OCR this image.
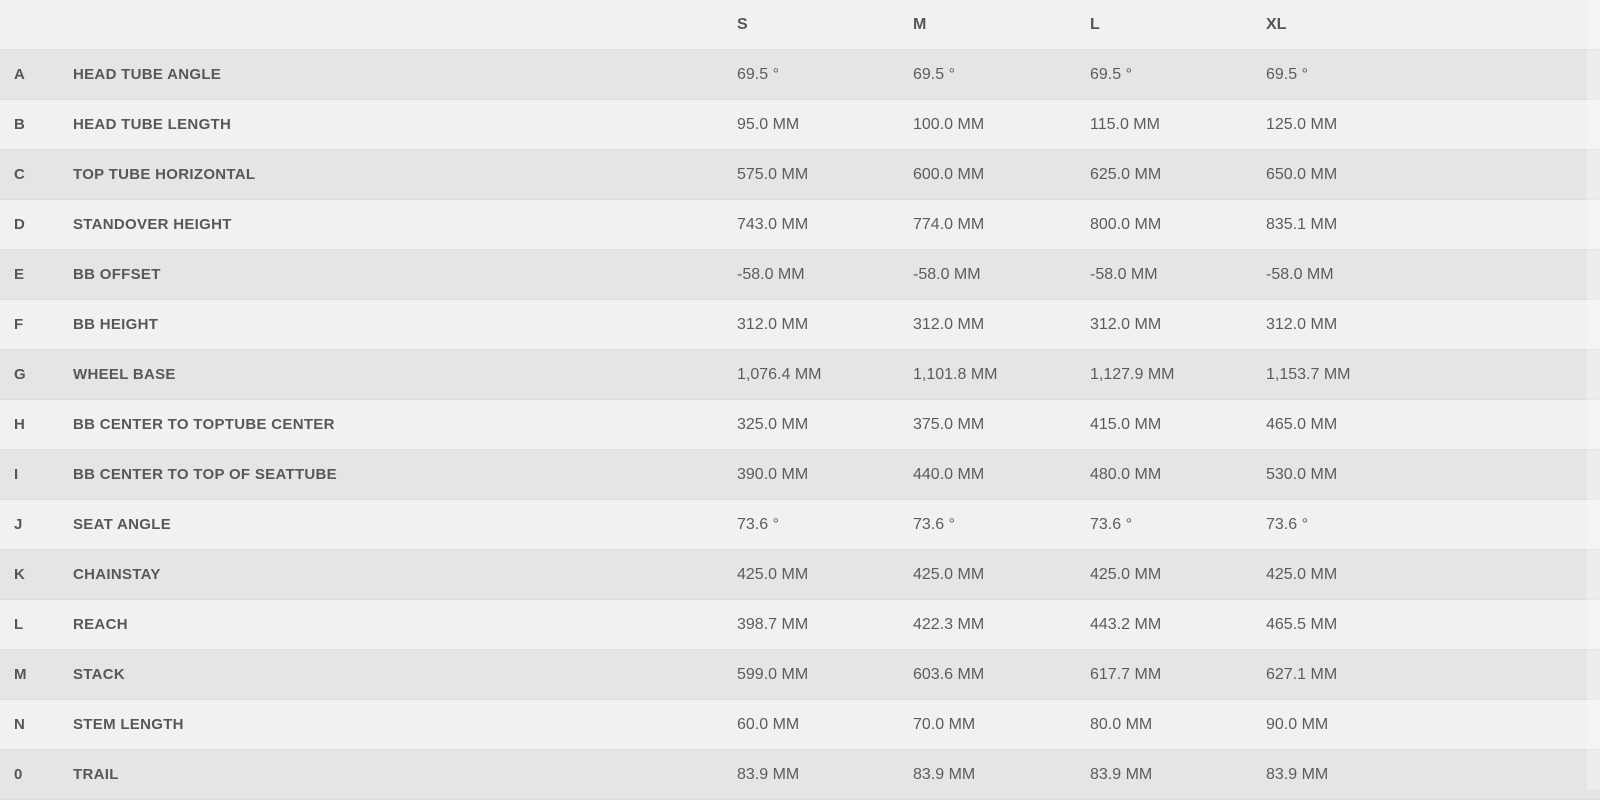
		S	M	L	XL
A	HEAD TUBE ANGLE	69.5 °	69.5 °	69.5 °	69.5 °
B	HEAD TUBE LENGTH	95.0 MM	100.0 MM	115.0 MM	125.0 MM
C	TOP TUBE HORIZONTAL	575.0 MM	600.0 MM	625.0 MM	650.0 MM
D	STANDOVER HEIGHT	743.0 MM	774.0 MM	800.0 MM	835.1 MM
E	BB OFFSET	-58.0 MM	-58.0 MM	-58.0 MM	-58.0 MM
F	BB HEIGHT	312.0 MM	312.0 MM	312.0 MM	312.0 MM
G	WHEEL BASE	1,076.4 MM	1,101.8 MM	1,127.9 MM	1,153.7 MM
H	BB CENTER TO TOPTUBE CENTER	325.0 MM	375.0 MM	415.0 MM	465.0 MM
I	BB CENTER TO TOP OF SEATTUBE	390.0 MM	440.0 MM	480.0 MM	530.0 MM
J	SEAT ANGLE	73.6 °	73.6 °	73.6 °	73.6 °
K	CHAINSTAY	425.0 MM	425.0 MM	425.0 MM	425.0 MM
L	REACH	398.7 MM	422.3 MM	443.2 MM	465.5 MM
M	STACK	599.0 MM	603.6 MM	617.7 MM	627.1 MM
N	STEM LENGTH	60.0 MM	70.0 MM	80.0 MM	90.0 MM
0	TRAIL	83.9 MM	83.9 MM	83.9 MM	83.9 MM
